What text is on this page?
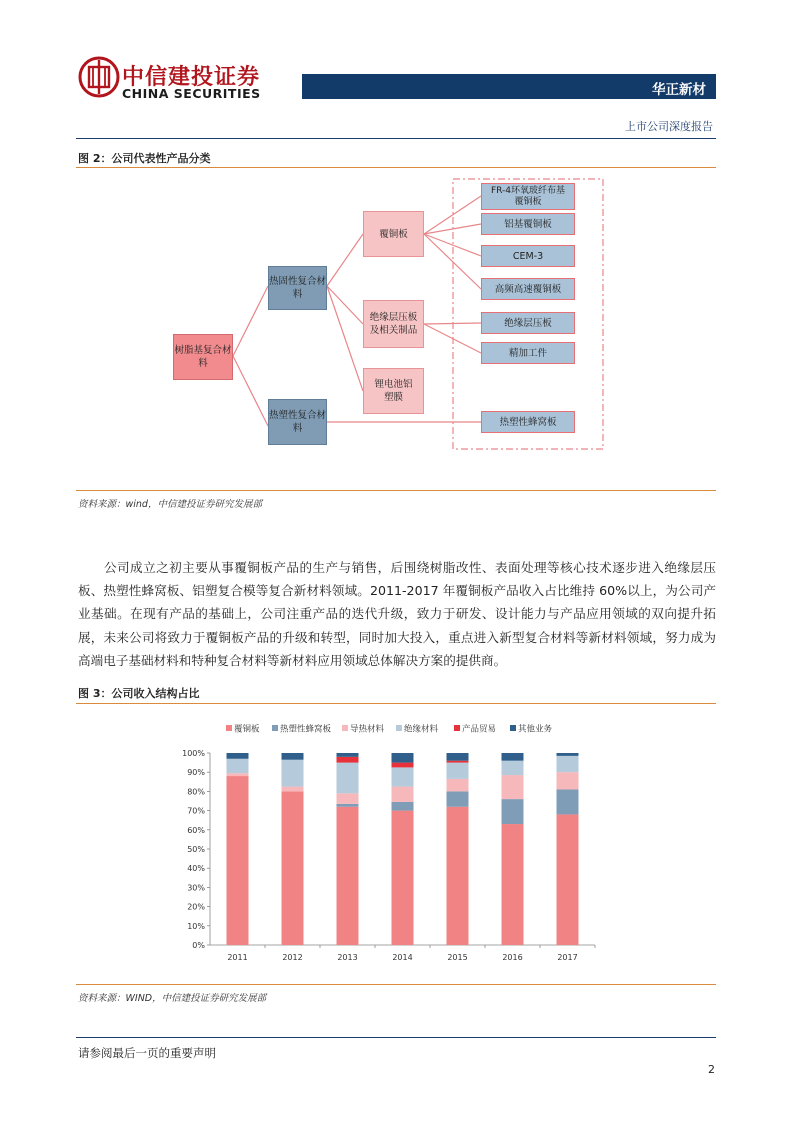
中信建投证券
CHINA SECURITIES	华正新材
上市公司深度报告
图 2：公司代表性产品分类
树脂基复合材料
热固性复合材料
热塑性复合材料
覆铜板
绝缘层压板及相关制品
锂电池铝塑膜
FR-4环氧玻纤布基覆铜板
铝基覆铜板
CEM-3
高频高速覆铜板
绝缘层压板
精加工件
热塑性蜂窝板
资料来源：wind，中信建投证券研究发展部
公司成立之初主要从事覆铜板产品的生产与销售，后围绕树脂改性、表面处理等核心技术逐步进入绝缘层压板、热塑性蜂窝板、铝塑复合模等复合新材料领域。2011-2017 年覆铜板产品收入占比维持 60%以上，为公司产业基础。在现有产品的基础上，公司注重产品的迭代升级，致力于研发、设计能力与产品应用领域的双向提升拓展，未来公司将致力于覆铜板产品的升级和转型，同时加大投入，重点进入新型复合材料等新材料领域，努力成为高端电子基础材料和特种复合材料等新材料应用领域总体解决方案的提供商。
图 3：公司收入结构占比
覆铜板 热塑性蜂窝板 导热材料 绝缘材料	产品贸易	其他业务
0%
10%
20%
30%
40%
50%
60%
70%
80%
90%
100%
2011	2012	2013	2014	2015	2016	2017
资料来源：WIND，中信建投证券研究发展部
请参阅最后一页的重要声明
2
